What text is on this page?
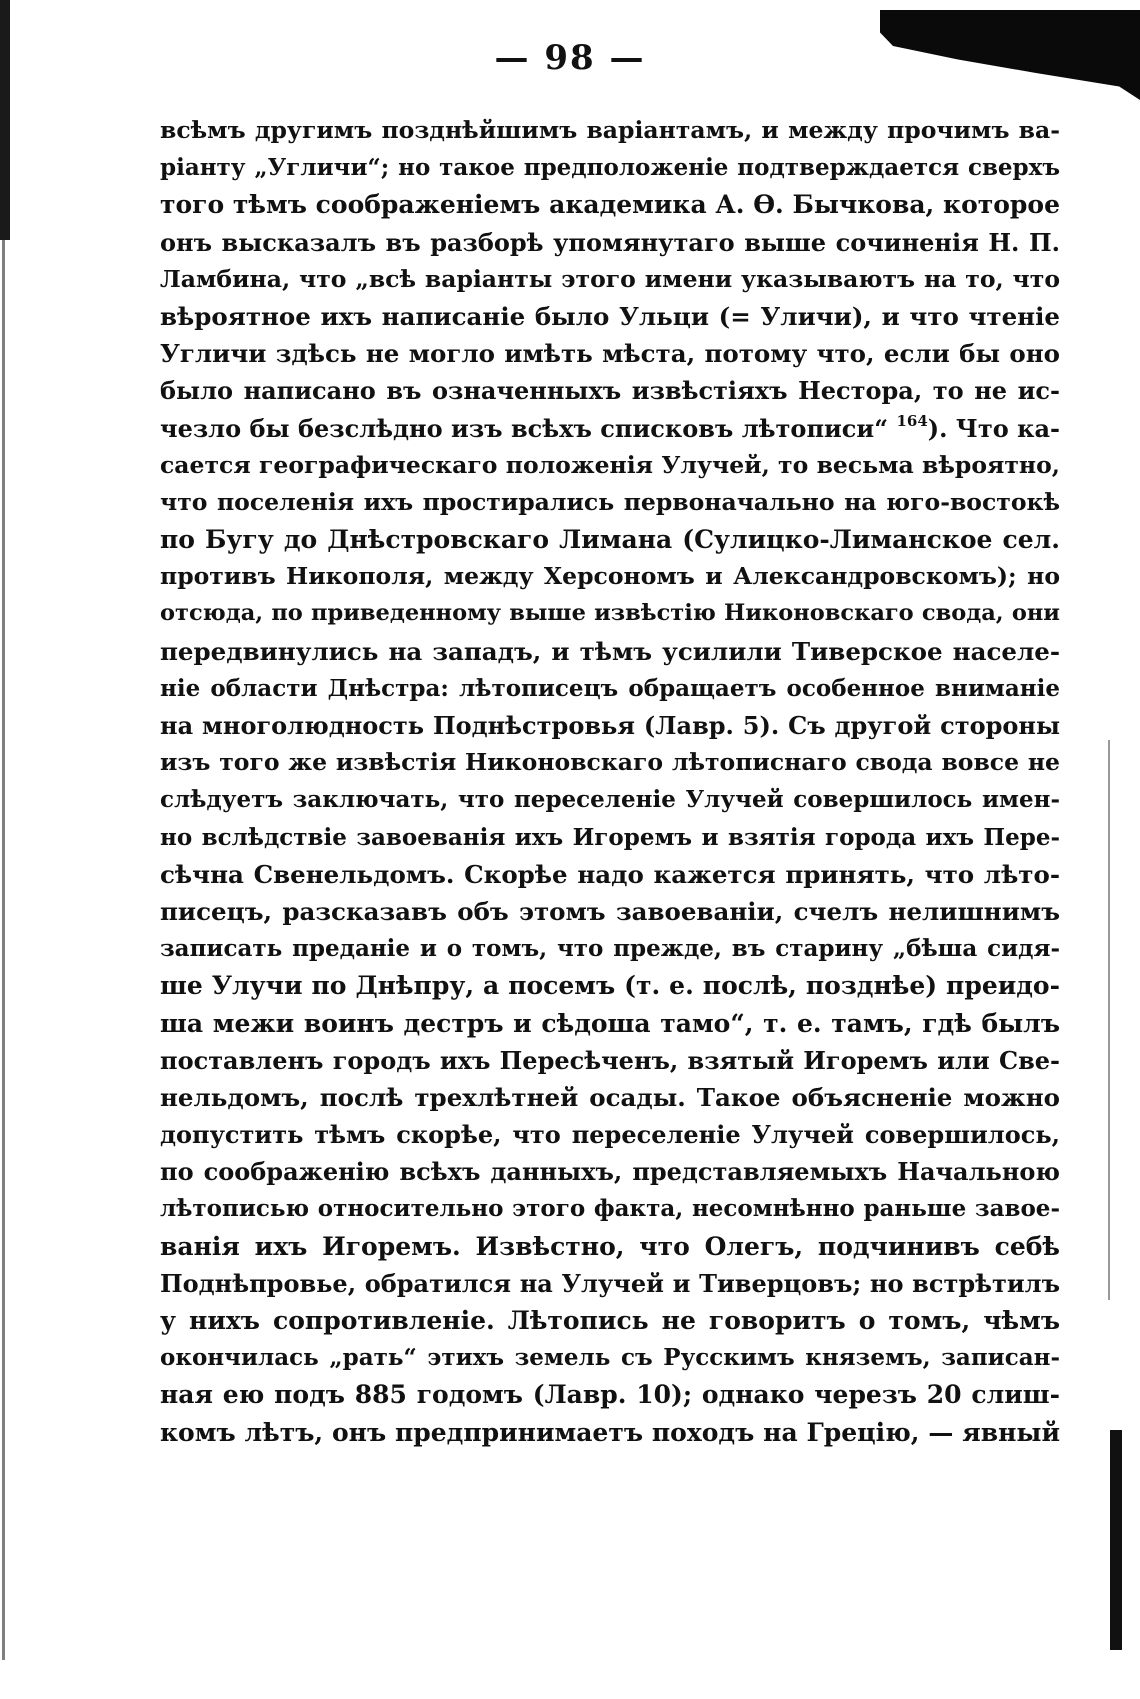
— 98 —
всѣмъ другимъ позднѣйшимъ варіантамъ, и между прочимъ ва-
ріанту „Угличи“; но такое предположеніе подтверждается сверхъ
того тѣмъ соображеніемъ академика А. Ѳ. Бычкова, которое
онъ высказалъ въ разборѣ упомянутаго выше сочиненія Н. П.
Ламбина, что „всѣ варіанты этого имени указываютъ на то, что
вѣроятное ихъ написаніе было Ульци (= Уличи), и что чтеніе
Угличи здѣсь не могло имѣть мѣста, потому что, если бы оно
было написано въ означенныхъ извѣстіяхъ Нестора, то не ис-
чезло бы безслѣдно изъ всѣхъ списковъ лѣтописи“ $^{164}$). Что ка-
сается географическаго положенія Улучей, то весьма вѣроятно,
что поселенія ихъ простирались первоначально на юго-востокѣ
по Бугу до Днѣстровскаго Лимана (Сулицко-Лиманское сел.
противъ Никополя, между Херсономъ и Александровскомъ); но
отсюда, по приведенному выше извѣстію Никоновскаго свода, они
передвинулись на западъ, и тѣмъ усилили Тиверское населе-
ніе области Днѣстра: лѣтописецъ обращаетъ особенное вниманіе
на многолюдность Поднѣстровья (Лавр. 5). Съ другой стороны
изъ того же извѣстія Никоновскаго лѣтописнаго свода вовсе не
слѣдуетъ заключать, что переселеніе Улучей совершилось имен-
но вслѣдствіе завоеванія ихъ Игоремъ и взятія города ихъ Пере-
сѣчна Свенельдомъ. Скорѣе надо кажется принять, что лѣто-
писецъ, разсказавъ объ этомъ завоеваніи, счелъ нелишнимъ
записать преданіе и о томъ, что прежде, въ старину „бѣша сидя-
ше Улучи по Днѣпру, а посемъ (т. е. послѣ, позднѣе) преидо-
ша межи воинъ дестръ и сѣдоша тамо“, т. е. тамъ, гдѣ былъ
поставленъ городъ ихъ Пересѣченъ, взятый Игоремъ или Све-
нельдомъ, послѣ трехлѣтней осады. Такое объясненіе можно
допустить тѣмъ скорѣе, что переселеніе Улучей совершилось,
по соображенію всѣхъ данныхъ, представляемыхъ Начальною
лѣтописью относительно этого факта, несомнѣнно раньше завое-
ванія ихъ Игоремъ. Извѣстно, что Олегъ, подчинивъ себѣ
Поднѣпровье, обратился на Улучей и Тиверцовъ; но встрѣтилъ
у нихъ сопротивленіе. Лѣтопись не говоритъ о томъ, чѣмъ
окончилась „рать“ этихъ земель съ Русскимъ княземъ, записан-
ная ею подъ 885 годомъ (Лавр. 10); однако черезъ 20 слиш-
комъ лѣтъ, онъ предпринимаетъ походъ на Грецію, — явный
